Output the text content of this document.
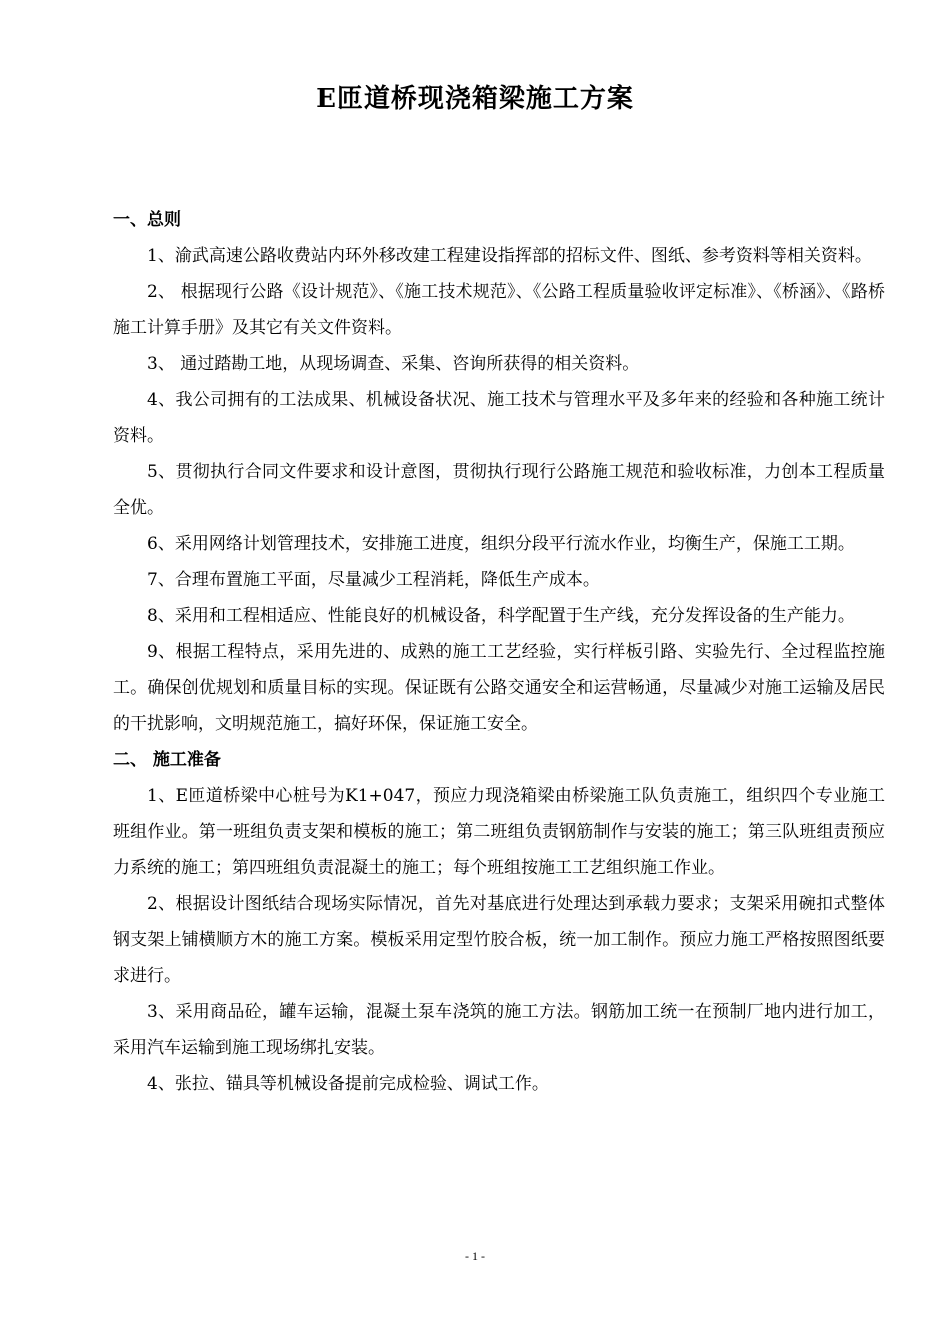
E匝道桥现浇箱梁施工方案
一、总则

1、渝武高速公路收费站内环外移改建工程建设指挥部的招标文件、图纸、参考资料等相关资料。

2、 根据现行公路《设计规范》、《施工技术规范》、《公路工程质量验收评定标准》、《桥涵》、《路桥施工计算手册》及其它有关文件资料。

3、 通过踏勘工地，从现场调查、采集、咨询所获得的相关资料。

4、我公司拥有的工法成果、机械设备状况、施工技术与管理水平及多年来的经验和各种施工统计资料。

5、贯彻执行合同文件要求和设计意图，贯彻执行现行公路施工规范和验收标准，力创本工程质量全优。

6、采用网络计划管理技术，安排施工进度，组织分段平行流水作业，均衡生产，保施工工期。

7、合理布置施工平面，尽量减少工程消耗，降低生产成本。

8、采用和工程相适应、性能良好的机械设备，科学配置于生产线，充分发挥设备的生产能力。

9、根据工程特点，采用先进的、成熟的施工工艺经验，实行样板引路、实验先行、全过程监控施工。确保创优规划和质量目标的实现。保证既有公路交通安全和运营畅通，尽量减少对施工运输及居民的干扰影响，文明规范施工，搞好环保，保证施工安全。

二、 施工准备

1、E匝道桥梁中心桩号为K1+047，预应力现浇箱梁由桥梁施工队负责施工，组织四个专业施工班组作业。第一班组负责支架和模板的施工；第二班组负责钢筋制作与安装的施工；第三队班组责预应力系统的施工；第四班组负责混凝土的施工；每个班组按施工工艺组织施工作业。

2、根据设计图纸结合现场实际情况，首先对基底进行处理达到承载力要求；支架采用碗扣式整体钢支架上铺横顺方木的施工方案。模板采用定型竹胶合板，统一加工制作。预应力施工严格按照图纸要求进行。

3、采用商品砼，罐车运输，混凝土泵车浇筑的施工方法。钢筋加工统一在预制厂地内进行加工，采用汽车运输到施工现场绑扎安装。

4、张拉、锚具等机械设备提前完成检验、调试工作。

- 1 -
